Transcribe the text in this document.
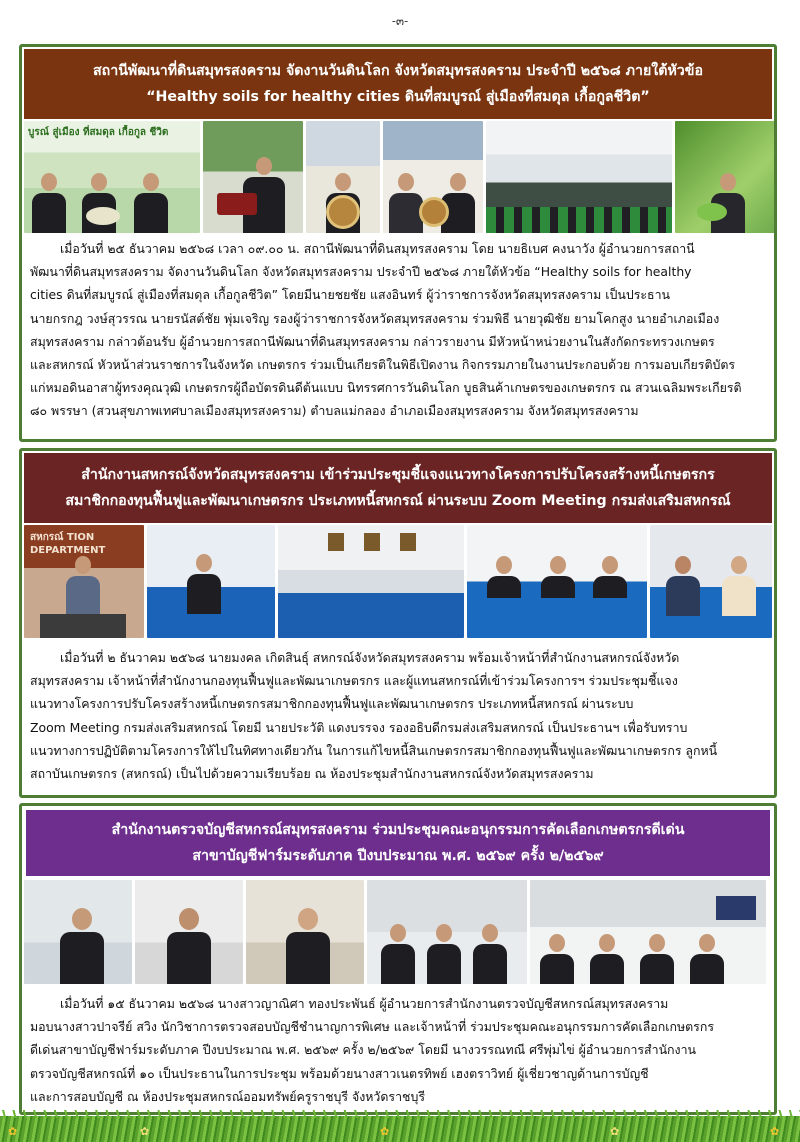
-๓-
สถานีพัฒนาที่ดินสมุทรสงคราม จัดงานวันดินโลก จังหวัดสมุทรสงคราม ประจำปี ๒๕๖๘ ภายใต้หัวข้อ
“Healthy soils for healthy cities ดินที่สมบูรณ์ สู่เมืองที่สมดุล เกื้อกูลชีวิต”
บูรณ์ สู่เมือง ที่สมดุล เกื้อกูล ชีวิต

เมื่อวันที่ ๒๕ ธันวาคม ๒๕๖๘ เวลา ๐๙.๐๐ น. สถานีพัฒนาที่ดินสมุทรสงคราม โดย นายธิเบศ คงนาวัง ผู้อำนวยการสถานี
พัฒนาที่ดินสมุทรสงคราม จัดงานวันดินโลก จังหวัดสมุทรสงคราม ประจำปี ๒๕๖๘ ภายใต้หัวข้อ “Healthy soils for healthy
cities ดินที่สมบูรณ์ สู่เมืองที่สมดุล เกื้อกูลชีวิต” โดยมีนายชยชัย แสงอินทร์ ผู้ว่าราชการจังหวัดสมุทรสงคราม เป็นประธาน
นายกรกฎ วงษ์สุวรรณ นายรนัสต์ชัย พุ่มเจริญ รองผู้ว่าราชการจังหวัดสมุทรสงคราม ร่วมพิธี นายวุฒิชัย ยามโคกสูง นายอำเภอเมือง
สมุทรสงคราม กล่าวต้อนรับ ผู้อำนวยการสถานีพัฒนาที่ดินสมุทรสงคราม กล่าวรายงาน มีหัวหน้าหน่วยงานในสังกัดกระทรวงเกษตร
และสหกรณ์ หัวหน้าส่วนราชการในจังหวัด เกษตรกร ร่วมเป็นเกียรติในพิธีเปิดงาน กิจกรรมภายในงานประกอบด้วย การมอบเกียรติบัตร
แก่หมอดินอาสาผู้ทรงคุณวุฒิ เกษตรกรผู้ถือบัตรดินดีต้นแบบ นิทรรศการวันดินโลก บูธสินค้าเกษตรของเกษตรกร ณ สวนเฉลิมพระเกียรติ
๘๐ พรรษา (สวนสุขภาพเทศบาลเมืองสมุทรสงคราม) ตำบลแม่กลอง อำเภอเมืองสมุทรสงคราม จังหวัดสมุทรสงคราม

สำนักงานสหกรณ์จังหวัดสมุทรสงคราม เข้าร่วมประชุมชี้แจงแนวทางโครงการปรับโครงสร้างหนี้เกษตรกร
สมาชิกกองทุนฟื้นฟูและพัฒนาเกษตรกร ประเภทหนี้สหกรณ์ ผ่านระบบ Zoom Meeting กรมส่งเสริมสหกรณ์
สหกรณ์ TION DEPARTMENT

เมื่อวันที่ ๒ ธันวาคม ๒๕๖๘ นายมงคล เกิดสินธุ์ สหกรณ์จังหวัดสมุทรสงคราม พร้อมเจ้าหน้าที่สำนักงานสหกรณ์จังหวัด
สมุทรสงคราม เจ้าหน้าที่สำนักงานกองทุนฟื้นฟูและพัฒนาเกษตรกร และผู้แทนสหกรณ์ที่เข้าร่วมโครงการฯ ร่วมประชุมชี้แจง
แนวทางโครงการปรับโครงสร้างหนี้เกษตรกรสมาชิกกองทุนฟื้นฟูและพัฒนาเกษตรกร ประเภทหนี้สหกรณ์ ผ่านระบบ
Zoom Meeting กรมส่งเสริมสหกรณ์ โดยมี นายประวัติ แดงบรรจง รองอธิบดีกรมส่งเสริมสหกรณ์ เป็นประธานฯ เพื่อรับทราบ
แนวทางการปฏิบัติตามโครงการให้ไปในทิศทางเดียวกัน ในการแก้ไขหนี้สินเกษตรกรสมาชิกกองทุนฟื้นฟูและพัฒนาเกษตรกร ลูกหนี้
สถาบันเกษตรกร (สหกรณ์) เป็นไปด้วยความเรียบร้อย ณ ห้องประชุมสำนักงานสหกรณ์จังหวัดสมุทรสงคราม

สำนักงานตรวจบัญชีสหกรณ์สมุทรสงคราม ร่วมประชุมคณะอนุกรรมการคัดเลือกเกษตรกรดีเด่น
สาขาบัญชีฟาร์มระดับภาค ปีงบประมาณ พ.ศ. ๒๕๖๙ ครั้ง ๒/๒๕๖๙

เมื่อวันที่ ๑๕ ธันวาคม ๒๕๖๘ นางสาวญาณิศา ทองประพันธ์ ผู้อำนวยการสำนักงานตรวจบัญชีสหกรณ์สมุทรสงคราม
มอบนางสาวปาจรีย์ สวิง นักวิชาการตรวจสอบบัญชีชำนาญการพิเศษ และเจ้าหน้าที่ ร่วมประชุมคณะอนุกรรมการคัดเลือกเกษตรกร
ดีเด่นสาขาบัญชีฟาร์มระดับภาค ปีงบประมาณ พ.ศ. ๒๕๖๙ ครั้ง ๒/๒๕๖๙ โดยมี นางวรรณทณี ศรีพุ่มไข่ ผู้อำนวยการสำนักงาน
ตรวจบัญชีสหกรณ์ที่ ๑๐ เป็นประธานในการประชุม พร้อมด้วยนางสาวเนตรทิพย์ เฮงตราวิทย์ ผู้เชี่ยวชาญด้านการบัญชี
และการสอบบัญชี ณ ห้องประชุมสหกรณ์ออมทรัพย์ครูราชบุรี จังหวัดราชบุรี

✿	✿	✿	✿	✿
